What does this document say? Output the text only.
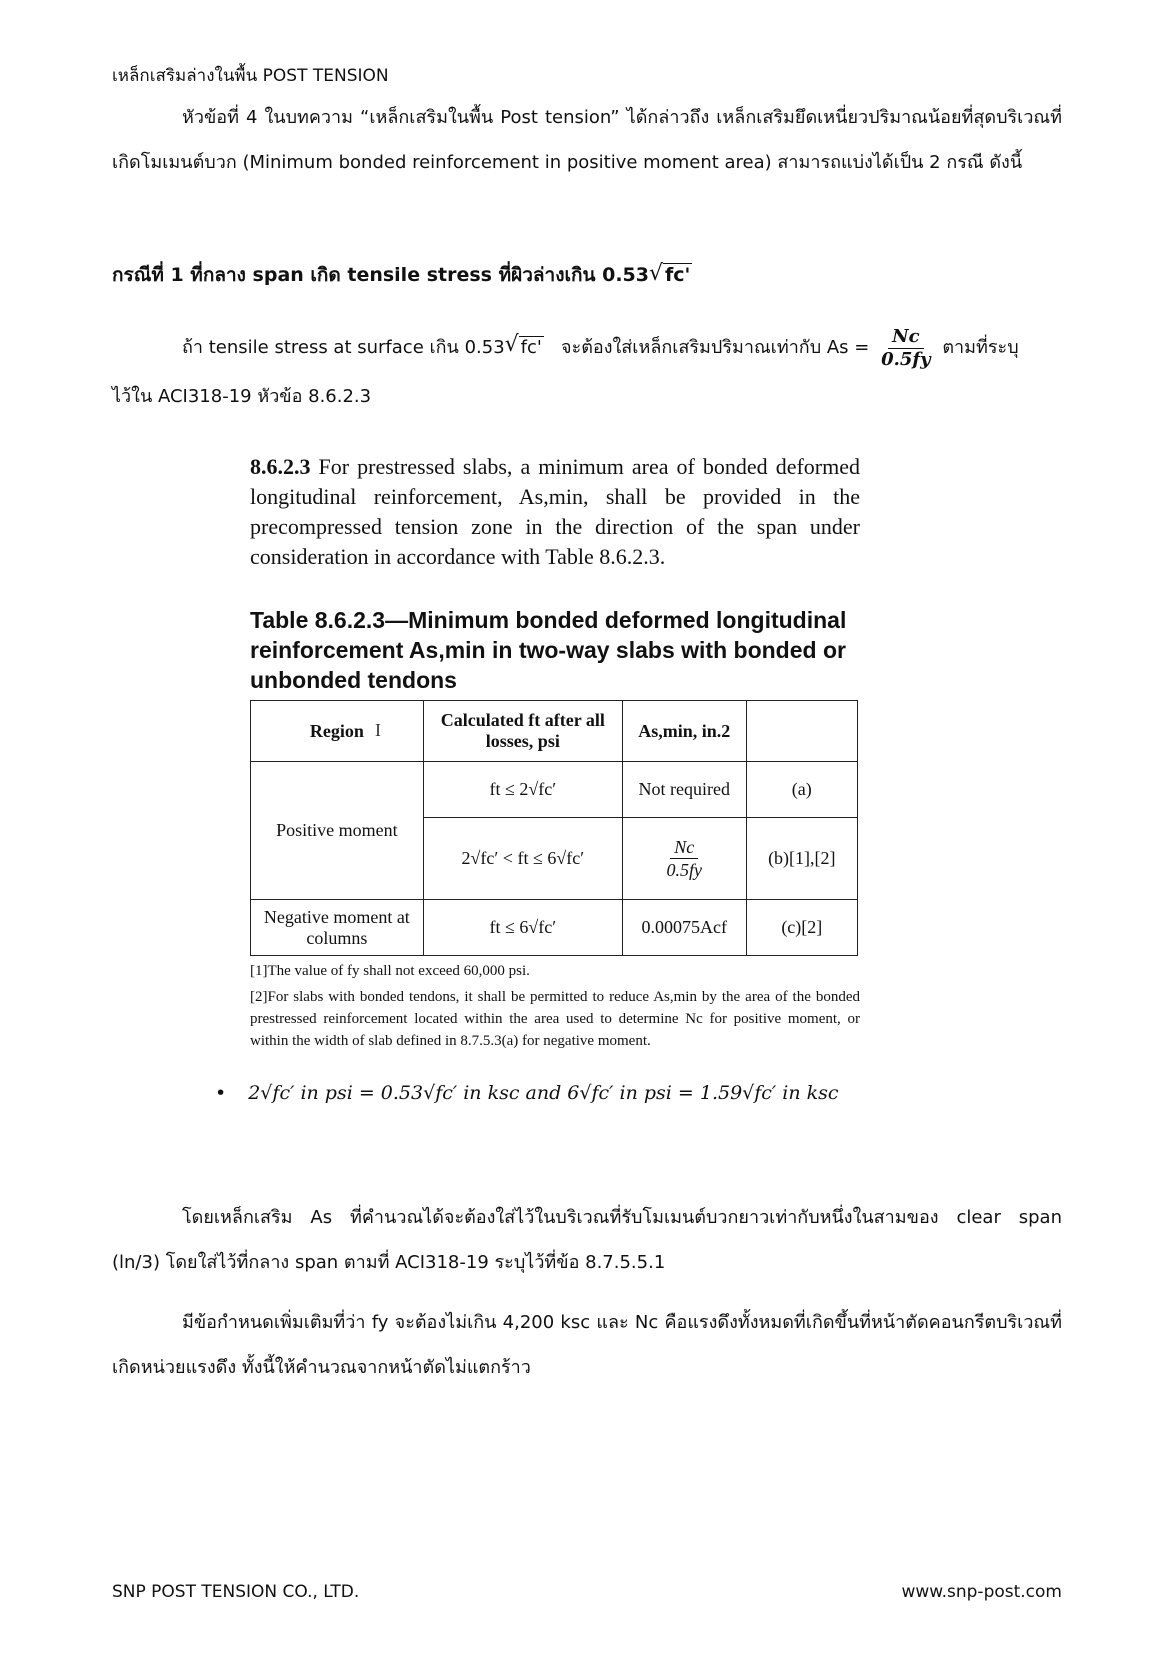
เหล็กเสริมล่างในพื้น POST TENSION
หัวข้อที่ 4 ในบทความ “เหล็กเสริมในพื้น Post tension” ได้กล่าวถึง เหล็กเสริมยึดเหนี่ยวปริมาณน้อยที่สุดบริเวณที่เกิดโมเมนต์บวก (Minimum bonded reinforcement in positive moment area) สามารถแบ่งได้เป็น 2 กรณี ดังนี้
กรณีที่ 1 ที่กลาง span เกิด tensile stress ที่ผิวล่างเกิน 0.53 √ fc'
ถ้า tensile stress at surface เกิน 0.53 √ fc' จะต้องใส่เหล็กเสริมปริมาณเท่ากับ $As = \frac{Nc}{0.5fy}$ ตามที่ระบุ
ไว้ใน ACI318-19 หัวข้อ 8.6.2.3
8.6.2.3 For prestressed slabs, a minimum area of bonded deformed longitudinal reinforcement, As,min, shall be provided in the precompressed tension zone in the direction of the span under consideration in accordance with Table 8.6.2.3.
Table 8.6.2.3—Minimum bonded deformed longitudinal reinforcement As,min in two-way slabs with bonded or unbonded tendons
Region	Calculated ft after all losses, psi	As,min, in.2	
Positive moment	ft ≤ 2√fc′	Not required	(a)
	2√fc′ < ft ≤ 6√fc′	$\frac{Nc}{0.5fy}$	(b)[1],[2]
Negative moment at columns	ft ≤ 6√fc′	0.00075Acf	(c)[2]
[1]The value of fy shall not exceed 60,000 psi.
[2]For slabs with bonded tendons, it shall be permitted to reduce As,min by the area of the bonded prestressed reinforcement located within the area used to determine Nc for positive moment, or within the width of slab defined in 8.7.5.3(a) for negative moment.
• 2√fc′ in psi = 0.53√fc′ in ksc and 6√fc′ in psi = 1.59√fc′ in ksc
โดยเหล็กเสริม As ที่คำนวณได้จะต้องใส่ไว้ในบริเวณที่รับโมเมนต์บวกยาวเท่ากับหนึ่งในสามของ clear span (ln/3) โดยใส่ไว้ที่กลาง span ตามที่ ACI318-19 ระบุไว้ที่ข้อ 8.7.5.5.1
มีข้อกำหนดเพิ่มเติมที่ว่า fy จะต้องไม่เกิน 4,200 ksc และ Nc คือแรงดึงทั้งหมดที่เกิดขึ้นที่หน้าตัดคอนกรีตบริเวณที่เกิดหน่วยแรงดึง ทั้งนี้ให้คำนวณจากหน้าตัดไม่แตกร้าว
SNP POST TENSION CO., LTD.	www.snp-post.com
I
